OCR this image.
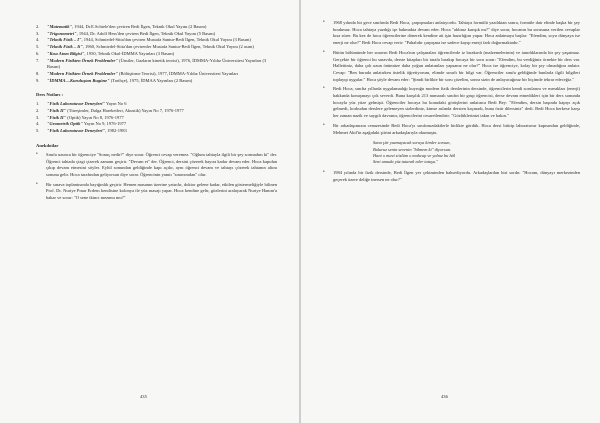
2. "Matematik", 1944, Dr.E.Schiele'den çeviren Bedi İlgen, Teknik Okul Yayını (2 Basım)
3. "Trigonometri", 1944, Dr. Adolf Hess'den çeviren Bedi İlgen, Teknik Okul Yayını (5 Basım)
4. "Teknik Fizik – I", 1944, Schmiedel-Sitta'dan çeviren Mustafa Santur-Bedi İlgen, Teknik Okul Yayını (3 Basım)
5. "Teknik Fizik – Ii", 1960, Schmiedel-Sitta'dan çevirenler Mustafa Santur-Bedi İlgen, Teknik Okul Yayını (2 asım)
6. "Kısa Atom Bilgisi", 1950, Teknik Okul-İDMMA Yayınları (3 Basım)
7. "Modern Fizikten Örnek Problemler" (Ünsiler, Gazların kinetik teorisi), 1976, İDMMA-Yıldız Üniversitesi Yayınları (3 Basım)
8. "Modern Fizikten Örnek Problemler" (Bölüştirme Teorisi), 1977, İDMMA-Yıldız Üniversitesi Yayınları
9. "İDMMA—Kuruluştan Bugüne" (Tarihçe), 1975, İDMAA Yayınları (2 Basım)
Ders Notları :
1. "Fizik Laboratuvar Deneyleri" Yayın No 6
2. "Fizik II" (Titreşimler, Dalga Hareketleri, Akustik) Yayın No 7, 1976-1977
3. "Fizik II" (Optik) Yayın No 8, 1976-1977
4. "Geometrik Optik" Yayın No 9, 1976-1977
5. "Fizik Laboratuvar Deneyleri", 1982-1983
Anekdotlar
• Sınıfa uzunca bir öğrenciye "Sonuç nedir?" diye sorar. Öğrenci cevap veremez. "Oğlum tahtayla ilgili bir şey sormadım ki" der. Öğrenci tahtada çizgi çizerek zamanı geçirir. "Devam et" der. Öğrenci, dersini çözerek hayıra kadar devam eder. Hoca kapıdan çıkıp devam etmesini söyler. Eylül sonundan geldiğinde kapı açılır, aynı öğrenci devam ve tahtayı çözerek tahtanın altını sonuna gelir. Hoca tarafından geliyorsun diye sorar. Öğrencinin yanıtı "sınavımdan" olur.
• Bir sınava toplantısında bayığınlık geçirir. Hemen masanın üzerine yatırılır, doktor gelene kadar, etkilen göstermeliğiyle bilinen Prof. Dr. Nuriye Pınar Erdem kendisine kolonya ile yüz masajı yapar. Hoca kendine gelir, gözlerini aralayarak Nuriye Hanım'a bakar ve sorar: "O sene ikinci mezunu mu?"
435
• 1968 yılında bir gece sınıfında Bedi Hoca, çarpışmaları anlatıyordu. Tahtaya formülü yazdıktan sonra, formüle dair elinde başka bir şey bırakmaz. Hoca tahtaya yazdığı işe bakmakta devam eder. Hoca "aklınız karışık mı?" diye sorar, hocanın bu sorusuna verilen cevaplar kısa sürer. Bu kez de hoca öğrencilerine dönerek kendine ait işin hazırlığını yapar. Hoca anlatmaya başlar: "Efendim, soyu dünyaya ise enerji ne olur?" Bedi Hoca cevap verir: "Pahalıdır çarpışma ise sadece kayıp enerji fark doğurmaktadır."
• Bütün bölümünde her sınavın Bedi Hoca'nın çalışmaları öğrencilerde iz bırakırdı (malzemelerinin) ve tanıdıklarında bir şey yaşatmaz. Gerçekte bir öğrenci bu sınavda, derste kitapları bir tarafa bırakıp hocaya bir soru sorar: "Efendim, bu verdiğiniz örnekte bir ders var. Hallettiniz, daha çok uzun önümüze daha yoğun anlatımları yapsanız ne olur?" Hoca ise öğrenciye, kolay bir şey olmadığını anlatır. Cevap: "Ben burada anlatırken üstelik öğretiyorum, elimde sınırlı bir bilgi var. Öğrenciler sınıfa geldiğinde bunlarla ilgili bilgileri toplayıp uygular." Hoca şöyle devam eder: "Şimdi birlikte bir soru çözelim, sonra sizin de anlayacağınız bir biçimde tekrar edeceğiz."
• Bedi Hoca, sınıfta yıllarda uygulamadığı kuyruğu modern fizik derslerinin dersinde, öğrencilerin kendi sorularını ve merakları (enerji) hakkında konuşmayı çok severdi. Buna karşılık 213 numaralı sınıfın bir grup öğrencisi, derse devam etmedikleri için bir ders sonunda hocayla yüz yüze gelmişti. Öğrenciler hocaya bu konudaki görüşlerini anlatınca Bedi Bey: "Efendim, dersin başında kapıyı açık gelmedi, korkudan derslere gelemeyen sizlerdiniz, kimse aslında dersten kaçmadı, buna özür dilersiniz" dedi. Bedi Hoca herkese karşı her zaman nazik ve saygılı davranır, öğrencilerini cesaretlendirir: "Gözlüklerinizi takın ve bakın."
• Bir arkadaşımızın cenazesinde Bedi Hoca'yı sınıfımızdakilerle birlikte gördük. Hoca dersi bitirip laboratuvar kapısından geldiğinde, Mehmet Akif'in aşağıdaki şiirini arkadaşlarıyla okumuştu.
Sana şiir yazmayacak soruya kimler sorsun,
Buluruz senin sevenin "bilmem ki" diyorsun.
Hani o mavi sözlüm o mahcup ve yalnız bu hâl
Seni umuda yüz tutarak eder tutuşu."
• 1984 yılında bir fizik dersinde, Bedi İlgen yer çekiminden bahsediyordu. Arkadaşlardan biri sordu: "Hocam, dünyayı merkezinden geçerek üzere deliğe inersen ne olur?"
436
